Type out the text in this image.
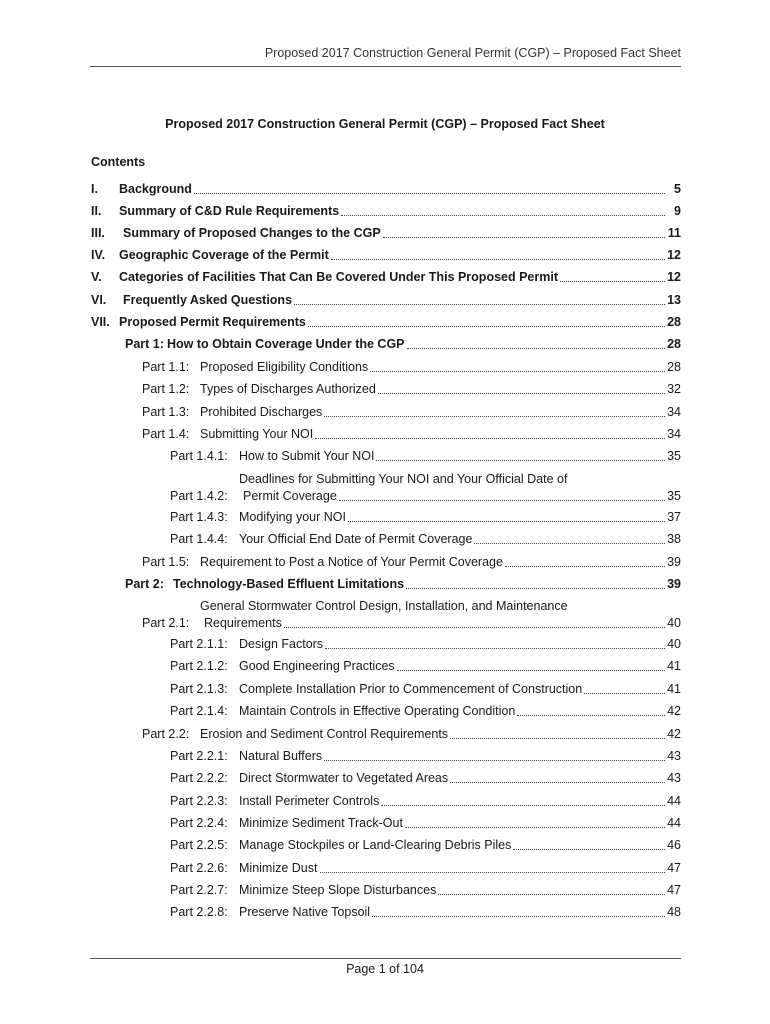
Proposed 2017 Construction General Permit (CGP) – Proposed Fact Sheet
Proposed 2017 Construction General Permit (CGP) – Proposed Fact Sheet
Contents
I.	Background	5
II.	Summary of C&D Rule Requirements	9
III.	Summary of Proposed Changes to the CGP	11
IV.	Geographic Coverage of the Permit	12
V.	Categories of Facilities That Can Be Covered Under This Proposed Permit	12
VI.	Frequently Asked Questions	13
VII. Proposed Permit Requirements	28
Part 1: How to Obtain Coverage Under the CGP	28
Part 1.1: Proposed Eligibility Conditions	28
Part 1.2: Types of Discharges Authorized	32
Part 1.3: Prohibited Discharges	34
Part 1.4: Submitting Your NOI	34
Part 1.4.1: How to Submit Your NOI	35
Part 1.4.2:
Deadlines for Submitting Your NOI and Your Official Date of
Permit Coverage	35
Part 1.4.3: Modifying your NOI	37
Part 1.4.4: Your Official End Date of Permit Coverage	38
Part 1.5: Requirement to Post a Notice of Your Permit Coverage	39
Part 2: Technology-Based Effluent Limitations	39
Part 2.1:
General Stormwater Control Design, Installation, and Maintenance
Requirements	40
Part 2.1.1: Design Factors	40
Part 2.1.2: Good Engineering Practices	41
Part 2.1.3: Complete Installation Prior to Commencement of Construction	41
Part 2.1.4: Maintain Controls in Effective Operating Condition	42
Part 2.2: Erosion and Sediment Control Requirements	42
Part 2.2.1: Natural Buffers	43
Part 2.2.2: Direct Stormwater to Vegetated Areas	43
Part 2.2.3: Install Perimeter Controls	44
Part 2.2.4: Minimize Sediment Track-Out	44
Part 2.2.5: Manage Stockpiles or Land-Clearing Debris Piles	46
Part 2.2.6: Minimize Dust	47
Part 2.2.7: Minimize Steep Slope Disturbances	47
Part 2.2.8: Preserve Native Topsoil	48
Page 1 of 104
